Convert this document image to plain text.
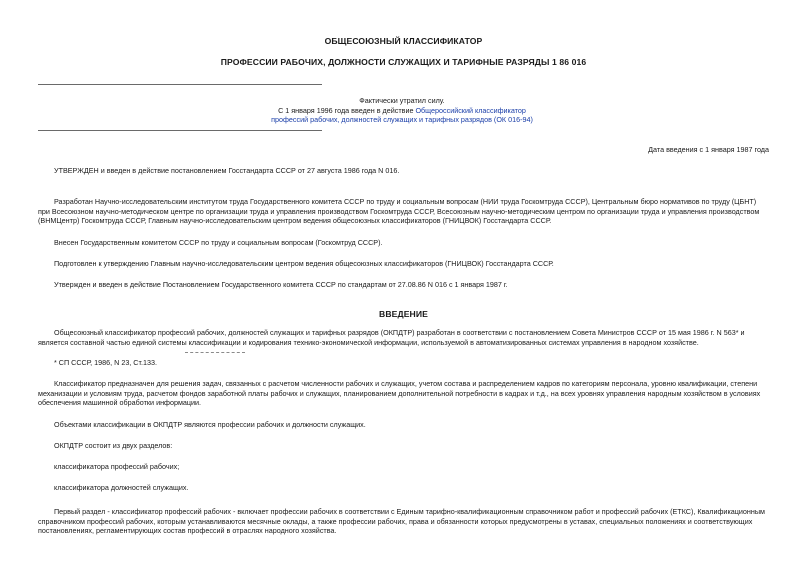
ОБЩЕСОЮЗНЫЙ КЛАССИФИКАТОР
ПРОФЕССИИ РАБОЧИХ, ДОЛЖНОСТИ СЛУЖАЩИХ И ТАРИФНЫЕ РАЗРЯДЫ 1 86 016
Фактически утратил силу.
С 1 января 1996 года введен в действие Общероссийский классификатор
профессий рабочих, должностей служащих и тарифных разрядов (ОК 016-94)
Дата введения с 1 января 1987 года
УТВЕРЖДЕН и введен в действие постановлением Госстандарта СССР от 27 августа 1986 года N 016.
Разработан Научно-исследовательским институтом труда Государственного комитета СССР по труду и социальным вопросам (НИИ труда Госкомтруда СССР), Центральным бюро нормативов по труду (ЦБНТ)
при Всесоюзном научно-методическом центре по организации труда и управления производством Госкомтруда СССР, Всесоюзным научно-методическим центром по организации труда и управления производством
(ВНМЦентр) Госкомтруда СССР, Главным научно-исследовательским центром ведения общесоюзных классификаторов (ГНИЦВОК) Госстандарта СССР.
Внесен Государственным комитетом СССР по труду и социальным вопросам (Госкомтруд СССР).
Подготовлен к утверждению Главным научно-исследовательским центром ведения общесоюзных классификаторов (ГНИЦВОК) Госстандарта СССР.
Утвержден и введен в действие Постановлением Государственного комитета СССР по стандартам от 27.08.86 N 016 с 1 января 1987 г.
ВВЕДЕНИЕ
Общесоюзный классификатор профессий рабочих, должностей служащих и тарифных разрядов (ОКПДТР) разработан в соответствии с постановлением Совета Министров СССР от 15 мая 1986 г. N 563* и
является составной частью единой системы классификации и кодирования технико-экономической информации, используемой в автоматизированных системах управления в народном хозяйстве.
* СП СССР, 1986, N 23, Ст.133.
Классификатор предназначен для решения задач, связанных с расчетом численности рабочих и служащих, учетом состава и распределением кадров по категориям персонала, уровню квалификации, степени
механизации и условиям труда, расчетом фондов заработной платы рабочих и служащих, планированием дополнительной потребности в кадрах и т.д., на всех уровнях управления народным хозяйством в условиях
обеспечения машинной обработки информации.
Объектами классификации в ОКПДТР являются профессии рабочих и должности служащих.
ОКПДТР состоит из двух разделов:
классификатора профессий рабочих;
классификатора должностей служащих.
Первый раздел - классификатор профессий рабочих - включает профессии рабочих в соответствии с Единым тарифно-квалификационным справочником работ и профессий рабочих (ЕТКС), Квалификационным
справочником профессий рабочих, которым устанавливаются месячные оклады, а также профессии рабочих, права и обязанности которых предусмотрены в уставах, специальных положениях и соответствующих
постановлениях, регламентирующих состав профессий в отраслях народного хозяйства.
